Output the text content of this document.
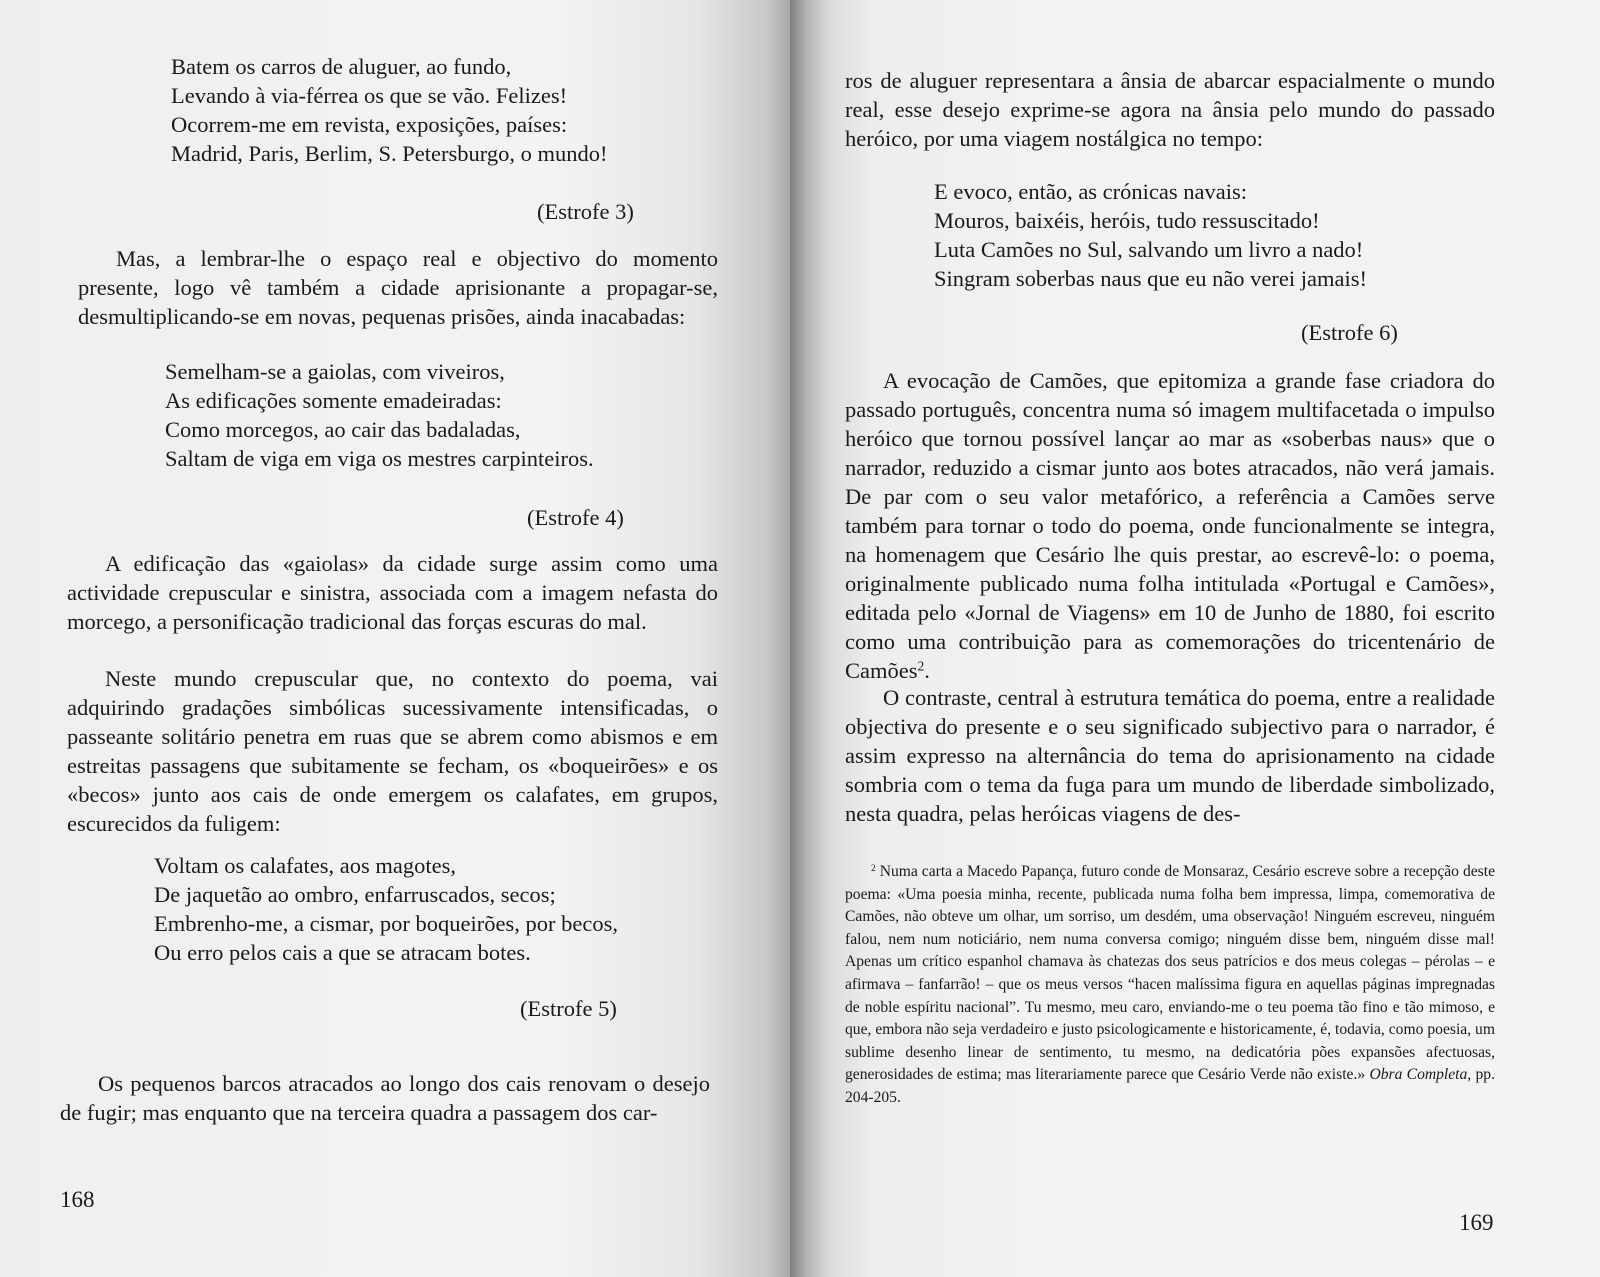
Batem os carros de aluguer, ao fundo,

Levando à via-férrea os que se vão. Felizes!

Ocorrem-me em revista, exposições, países:

Madrid, Paris, Berlim, S. Petersburgo, o mundo!

(Estrofe 3)

Mas, a lembrar-lhe o espaço real e objectivo do momento presente, logo vê também a cidade aprisionante a propagar-se, desmultiplicando-se em novas, pequenas prisões, ainda inacabadas:

Semelham-se a gaiolas, com viveiros,

As edificações somente emadeiradas:

Como morcegos, ao cair das badaladas,

Saltam de viga em viga os mestres carpinteiros.

(Estrofe 4)

A edificação das «gaiolas» da cidade surge assim como uma actividade crepuscular e sinistra, associada com a imagem nefasta do morcego, a personificação tradicional das forças escuras do mal.

Neste mundo crepuscular que, no contexto do poema, vai adquirindo gradações simbólicas sucessivamente intensificadas, o passeante solitário penetra em ruas que se abrem como abismos e em estreitas passagens que subitamente se fecham, os «boqueirões» e os «becos» junto aos cais de onde emergem os calafates, em grupos, escurecidos da fuligem:

Voltam os calafates, aos magotes,

De jaquetão ao ombro, enfarruscados, secos;

Embrenho-me, a cismar, por boqueirões, por becos,

Ou erro pelos cais a que se atracam botes.

(Estrofe 5)

Os pequenos barcos atracados ao longo dos cais renovam o desejo de fugir; mas enquanto que na terceira quadra a passagem dos car-

168

ros de aluguer representara a ânsia de abarcar espacialmente o mundo real, esse desejo exprime-se agora na ânsia pelo mundo do passado heróico, por uma viagem nostálgica no tempo:

E evoco, então, as crónicas navais:

Mouros, baixéis, heróis, tudo ressuscitado!

Luta Camões no Sul, salvando um livro a nado!

Singram soberbas naus que eu não verei jamais!

(Estrofe 6)

A evocação de Camões, que epitomiza a grande fase criadora do passado português, concentra numa só imagem multifacetada o impulso heróico que tornou possível lançar ao mar as «soberbas naus» que o narrador, reduzido a cismar junto aos botes atracados, não verá jamais. De par com o seu valor metafórico, a referência a Camões serve também para tornar o todo do poema, onde funcionalmente se integra, na homenagem que Cesário lhe quis prestar, ao escrevê-lo: o poema, originalmente publicado numa folha intitulada «Portugal e Camões», editada pelo «Jornal de Viagens» em 10 de Junho de 1880, foi escrito como uma contribuição para as comemorações do tricentenário de Camões$^2$.

O contraste, central à estrutura temática do poema, entre a realidade objectiva do presente e o seu significado subjectivo para o narrador, é assim expresso na alternância do tema do aprisionamento na cidade sombria com o tema da fuga para um mundo de liberdade simbolizado, nesta quadra, pelas heróicas viagens de des-

$^2$ Numa carta a Macedo Papança, futuro conde de Monsaraz, Cesário escreve sobre a recepção deste poema: «Uma poesia minha, recente, publicada numa folha bem impressa, limpa, comemorativa de Camões, não obteve um olhar, um sorriso, um desdém, uma observação! Ninguém escreveu, ninguém falou, nem num noticiário, nem numa conversa comigo; ninguém disse bem, ninguém disse mal! Apenas um crítico espanhol chamava às chatezas dos seus patrícios e dos meus colegas – pérolas – e afirmava – fanfarrão! – que os meus versos “hacen malíssima figura en aquellas páginas impregnadas de noble espíritu nacional”. Tu mesmo, meu caro, enviando-me o teu poema tão fino e tão mimoso, e que, embora não seja verdadeiro e justo psicologicamente e historicamente, é, todavia, como poesia, um sublime desenho linear de sentimento, tu mesmo, na dedicatória pões expansões afectuosas, generosidades de estima; mas literariamente parece que Cesário Verde não existe.» Obra Completa, pp. 204-205.

169
